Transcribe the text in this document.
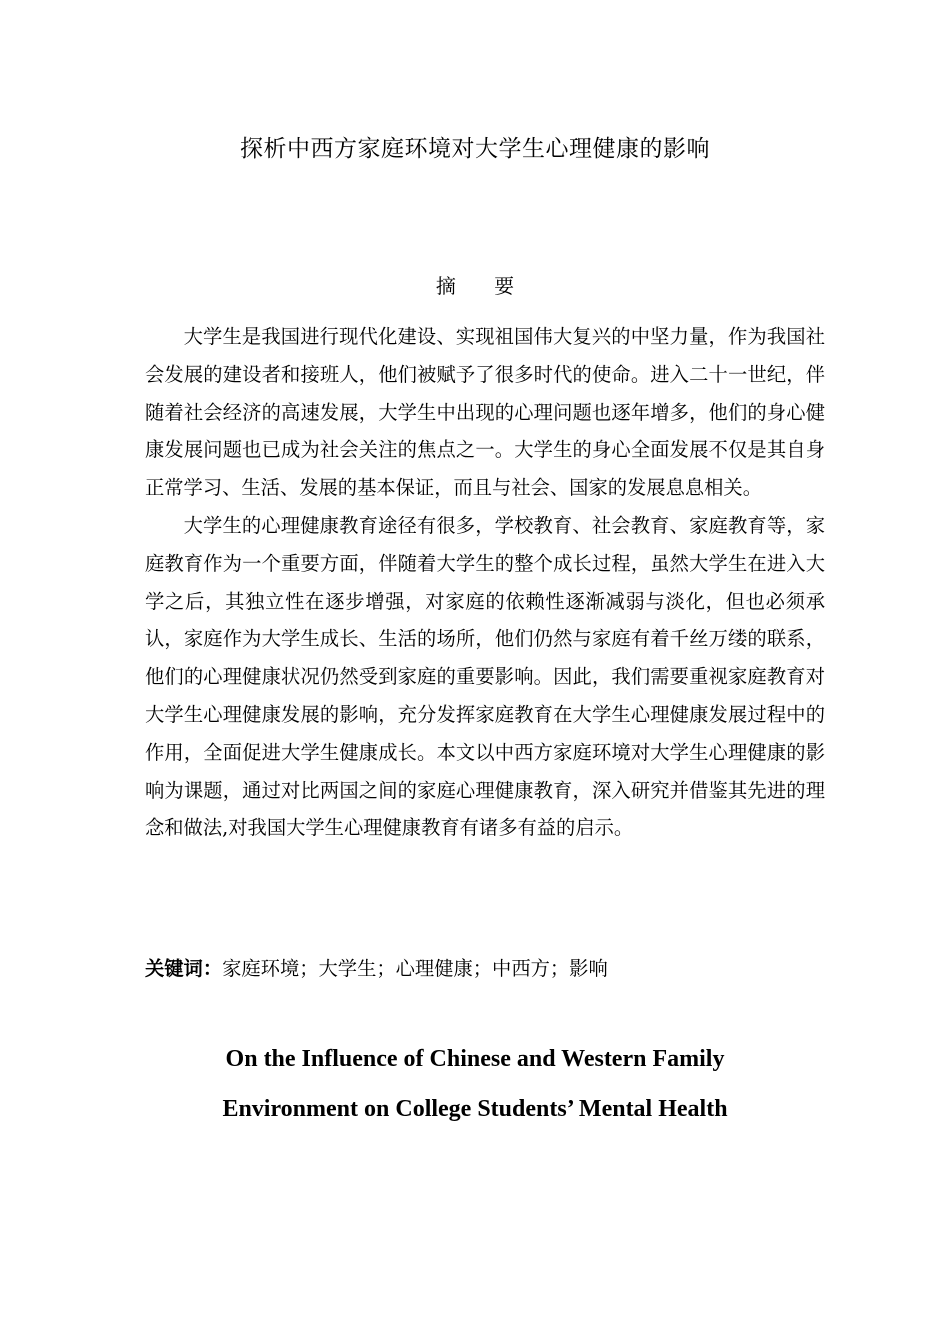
探析中西方家庭环境对大学生心理健康的影响
摘 要

大学生是我国进行现代化建设、实现祖国伟大复兴的中坚力量，作为我国社会发展的建设者和接班人，他们被赋予了很多时代的使命。进入二十一世纪，伴随着社会经济的高速发展，大学生中出现的心理问题也逐年增多，他们的身心健康发展问题也已成为社会关注的焦点之一。大学生的身心全面发展不仅是其自身正常学习、生活、发展的基本保证，而且与社会、国家的发展息息相关。

大学生的心理健康教育途径有很多，学校教育、社会教育、家庭教育等，家庭教育作为一个重要方面，伴随着大学生的整个成长过程，虽然大学生在进入大学之后，其独立性在逐步增强，对家庭的依赖性逐渐减弱与淡化，但也必须承认，家庭作为大学生成长、生活的场所，他们仍然与家庭有着千丝万缕的联系，他们的心理健康状况仍然受到家庭的重要影响。因此，我们需要重视家庭教育对大学生心理健康发展的影响，充分发挥家庭教育在大学生心理健康发展过程中的作用，全面促进大学生健康成长。本文以中西方家庭环境对大学生心理健康的影响为课题，通过对比两国之间的家庭心理健康教育，深入研究并借鉴其先进的理念和做法,对我国大学生心理健康教育有诸多有益的启示。

关键词：家庭环境；大学生；心理健康；中西方；影响
On the Influence of Chinese and Western Family
Environment on College Students’ Mental Health
